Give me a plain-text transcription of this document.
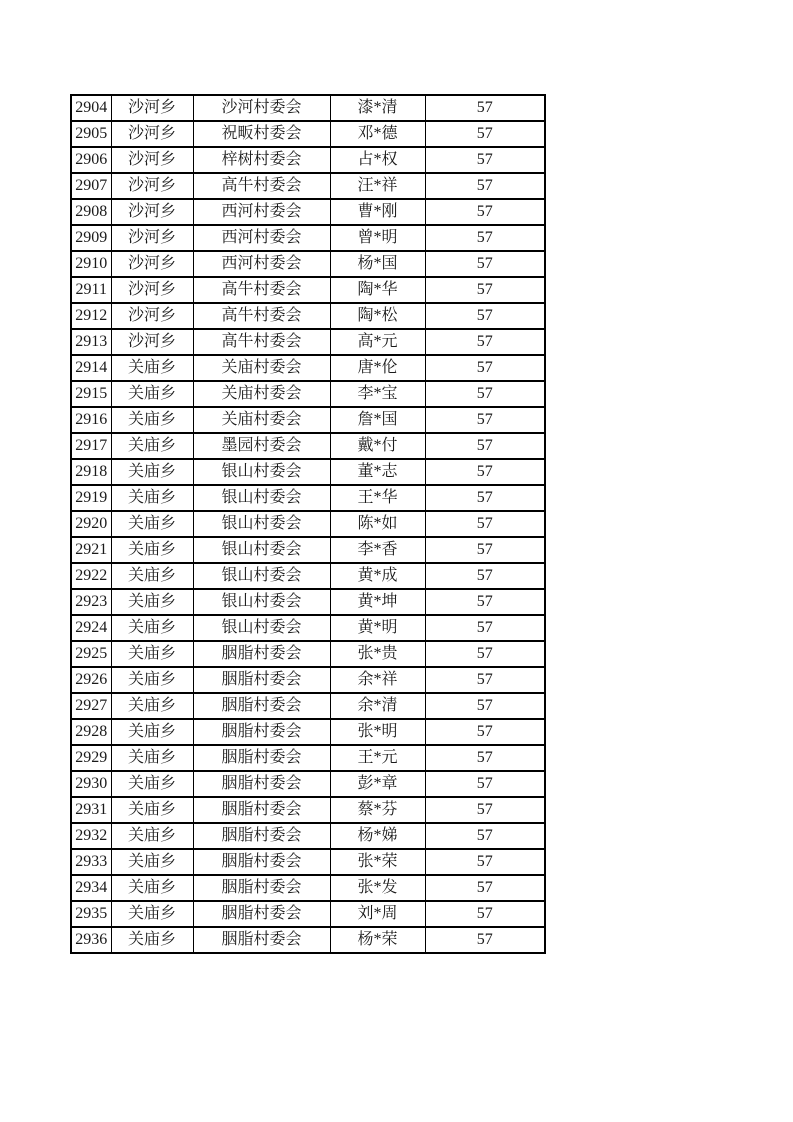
2904	沙河乡	沙河村委会	漆*清	57
2905	沙河乡	祝畈村委会	邓*德	57
2906	沙河乡	梓树村委会	占*权	57
2907	沙河乡	高牛村委会	汪*祥	57
2908	沙河乡	西河村委会	曹*刚	57
2909	沙河乡	西河村委会	曾*明	57
2910	沙河乡	西河村委会	杨*国	57
2911	沙河乡	高牛村委会	陶*华	57
2912	沙河乡	高牛村委会	陶*松	57
2913	沙河乡	高牛村委会	高*元	57
2914	关庙乡	关庙村委会	唐*伦	57
2915	关庙乡	关庙村委会	李*宝	57
2916	关庙乡	关庙村委会	詹*国	57
2917	关庙乡	墨园村委会	戴*付	57
2918	关庙乡	银山村委会	董*志	57
2919	关庙乡	银山村委会	王*华	57
2920	关庙乡	银山村委会	陈*如	57
2921	关庙乡	银山村委会	李*香	57
2922	关庙乡	银山村委会	黄*成	57
2923	关庙乡	银山村委会	黄*坤	57
2924	关庙乡	银山村委会	黄*明	57
2925	关庙乡	胭脂村委会	张*贵	57
2926	关庙乡	胭脂村委会	余*祥	57
2927	关庙乡	胭脂村委会	余*清	57
2928	关庙乡	胭脂村委会	张*明	57
2929	关庙乡	胭脂村委会	王*元	57
2930	关庙乡	胭脂村委会	彭*章	57
2931	关庙乡	胭脂村委会	蔡*芬	57
2932	关庙乡	胭脂村委会	杨*娣	57
2933	关庙乡	胭脂村委会	张*荣	57
2934	关庙乡	胭脂村委会	张*发	57
2935	关庙乡	胭脂村委会	刘*周	57
2936	关庙乡	胭脂村委会	杨*荣	57
